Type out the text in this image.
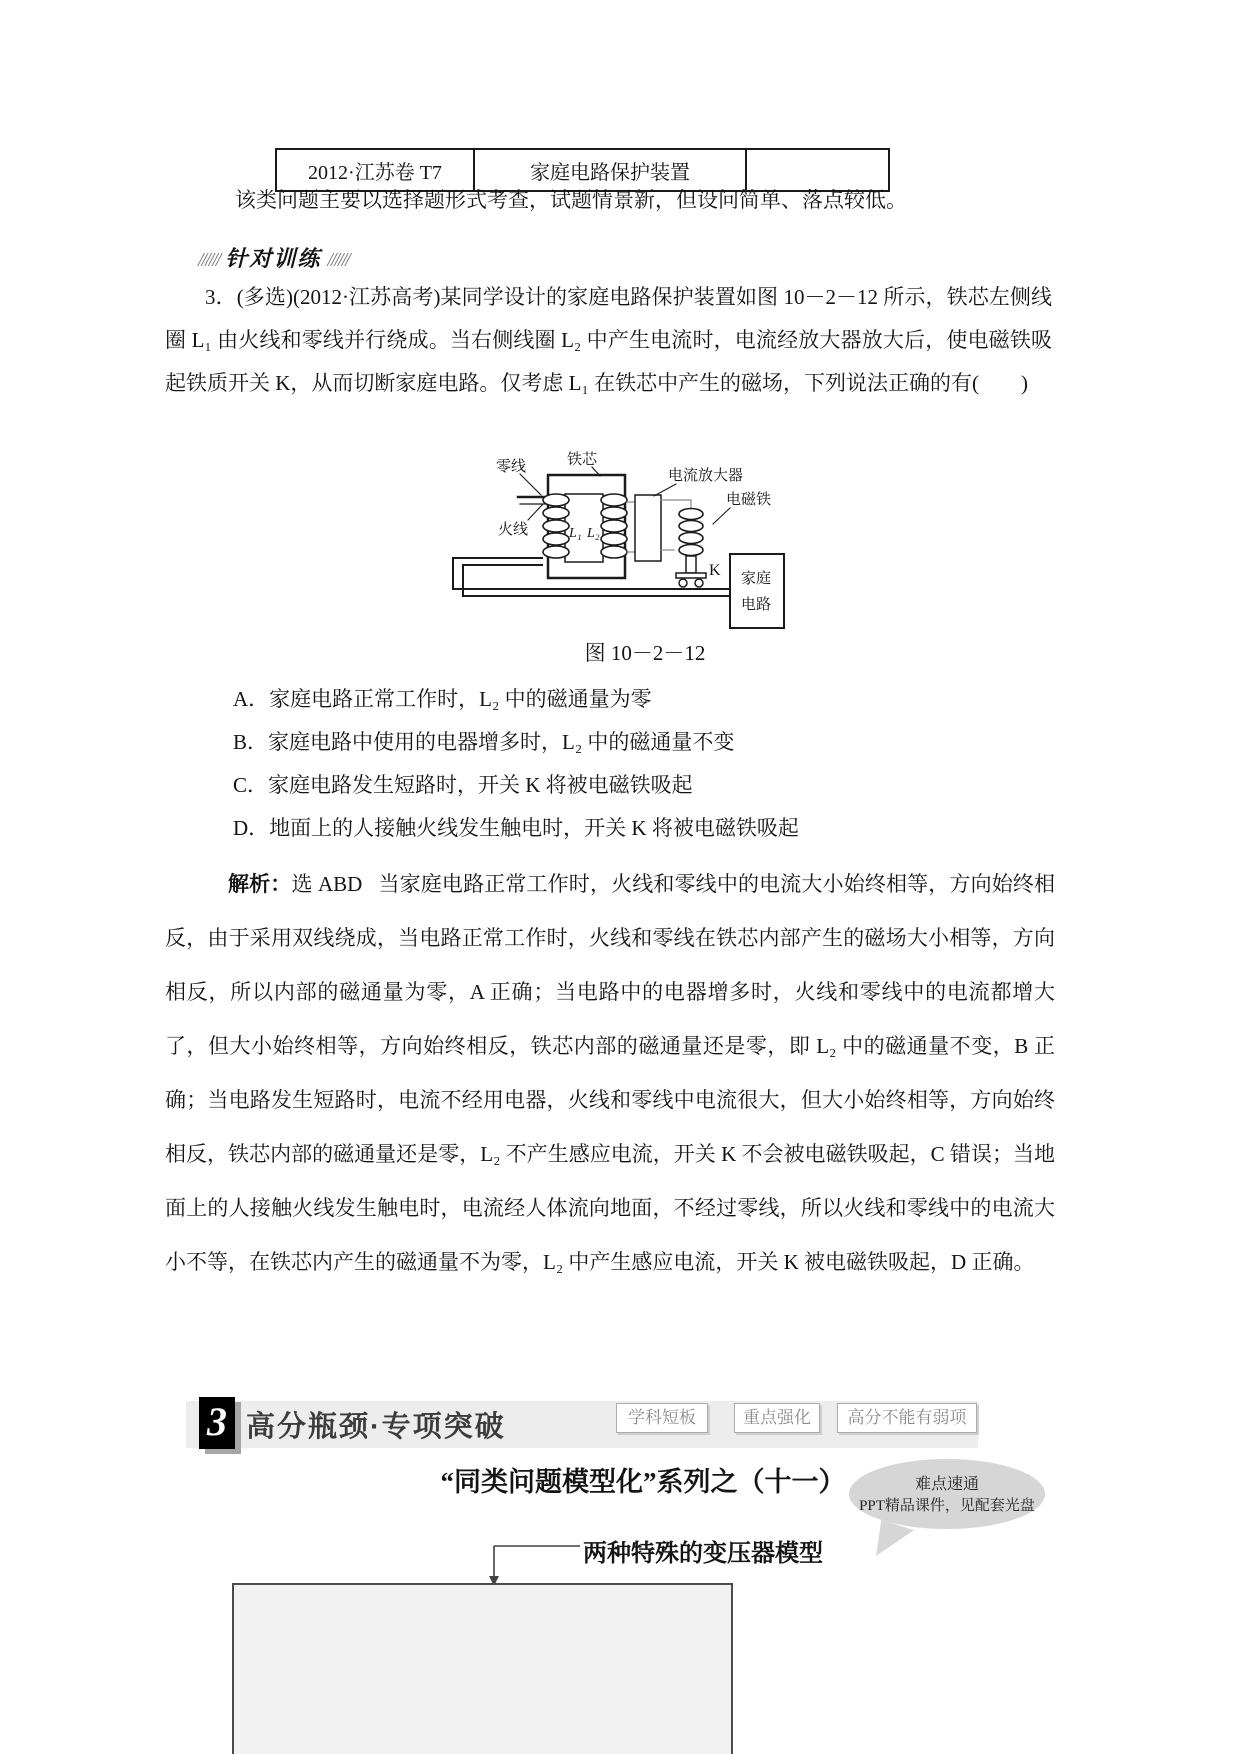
2012·江苏卷 T7	家庭电路保护装置	
该类问题主要以选择题形式考查，试题情景新，但设问简单、落点较低。
////// 针对训练 //////
3．(多选)(2012·江苏高考)某同学设计的家庭电路保护装置如图 10－2－12 所示，铁芯左侧线圈 L₁ 由火线和零线并行绕成。当右侧线圈 L₂ 中产生电流时，电流经放大器放大后，使电磁铁吸起铁质开关 K，从而切断家庭电路。仅考虑 L₁ 在铁芯中产生的磁场，下列说法正确的有(　　)
零线	铁芯
电流放大器
电磁铁
火线	L₁ L₂
K 家庭
电路
图 10－2－12
A．家庭电路正常工作时，L₂ 中的磁通量为零
B．家庭电路中使用的电器增多时，L₂ 中的磁通量不变
C．家庭电路发生短路时，开关 K 将被电磁铁吸起
D．地面上的人接触火线发生触电时，开关 K 将被电磁铁吸起
解析：选 ABD 当家庭电路正常工作时，火线和零线中的电流大小始终相等，方向始终相反，由于采用双线绕成，当电路正常工作时，火线和零线在铁芯内部产生的磁场大小相等，方向相反，所以内部的磁通量为零，A 正确；当电路中的电器增多时，火线和零线中的电流都增大了，但大小始终相等，方向始终相反，铁芯内部的磁通量还是零，即 L₂ 中的磁通量不变，B 正确；当电路发生短路时，电流不经用电器，火线和零线中电流很大，但大小始终相等，方向始终相反，铁芯内部的磁通量还是零，L₂ 不产生感应电流，开关 K 不会被电磁铁吸起，C 错误；当地面上的人接触火线发生触电时，电流经人体流向地面，不经过零线，所以火线和零线中的电流大小不等，在铁芯内产生的磁通量不为零，L₂ 中产生感应电流，开关 K 被电磁铁吸起，D 正确。
3 高分瓶颈·专项突破	学科短板	重点强化	高分不能有弱项
“同类问题模型化”系列之（十一）	难点速通
PPT精品课件，见配套光盘
两种特殊的变压器模型
